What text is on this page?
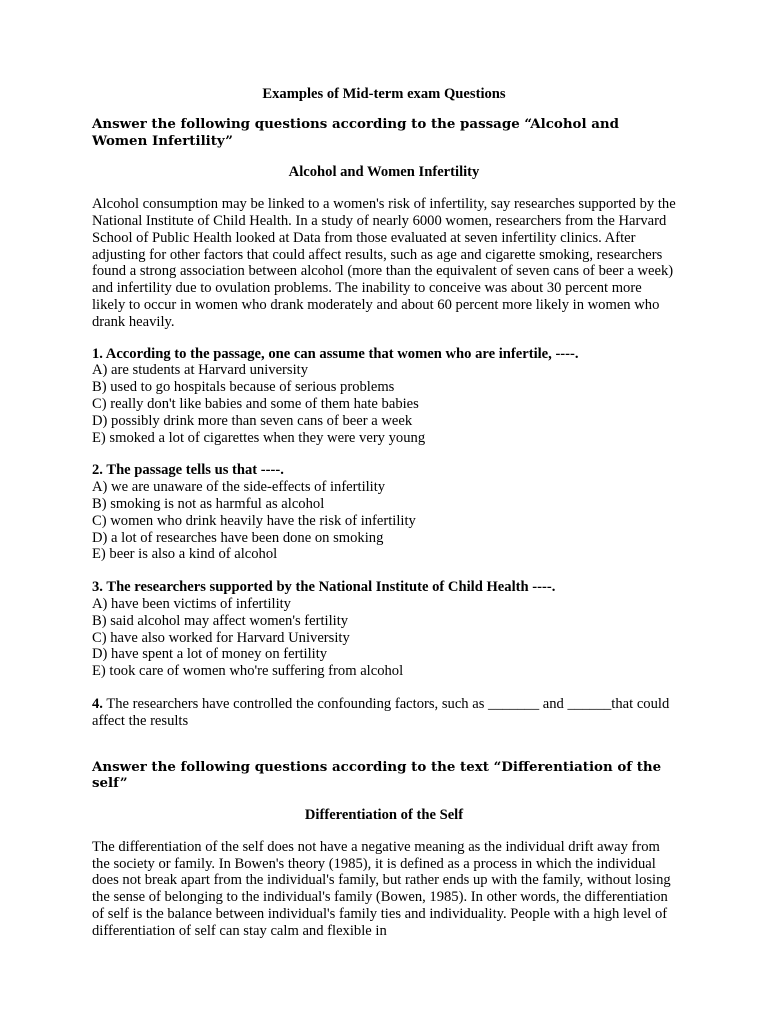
Examples of Mid-term exam Questions

Answer the following questions according to the passage “Alcohol and Women Infertility”

Alcohol and Women Infertility

Alcohol consumption may be linked to a women's risk of infertility, say researches supported by the National Institute of Child Health. In a study of nearly 6000 women, researchers from the Harvard School of Public Health looked at Data from those evaluated at seven infertility clinics. After adjusting for other factors that could affect results, such as age and cigarette smoking, researchers found a strong association between alcohol (more than the equivalent of seven cans of beer a week) and infertility due to ovulation problems. The inability to conceive was about 30 percent more likely to occur in women who drank moderately and about 60 percent more likely in women who drank heavily.

1. According to the passage, one can assume that women who are infertile, ----.

A) are students at Harvard university
B) used to go hospitals because of serious problems
C) really don't like babies and some of them hate babies
D) possibly drink more than seven cans of beer a week
E) smoked a lot of cigarettes when they were very young

2. The passage tells us that ----.

A) we are unaware of the side-effects of infertility
B) smoking is not as harmful as alcohol
C) women who drink heavily have the risk of infertility
D) a lot of researches have been done on smoking
E) beer is also a kind of alcohol

3. The researchers supported by the National Institute of Child Health ----.

A) have been victims of infertility
B) said alcohol may affect women's fertility
C) have also worked for Harvard University
D) have spent a lot of money on fertility
E) took care of women who're suffering from alcohol

4. The researchers have controlled the confounding factors, such as _______ and ______that could affect the results

Answer the following questions according to the text “Differentiation of the self”

Differentiation of the Self

The differentiation of the self does not have a negative meaning as the individual drift away from the society or family. In Bowen's theory (1985), it is defined as a process in which the individual does not break apart from the individual's family, but rather ends up with the family, without losing the sense of belonging to the individual's family (Bowen, 1985). In other words, the differentiation of self is the balance between individual's family ties and individuality. People with a high level of differentiation of self can stay calm and flexible in
